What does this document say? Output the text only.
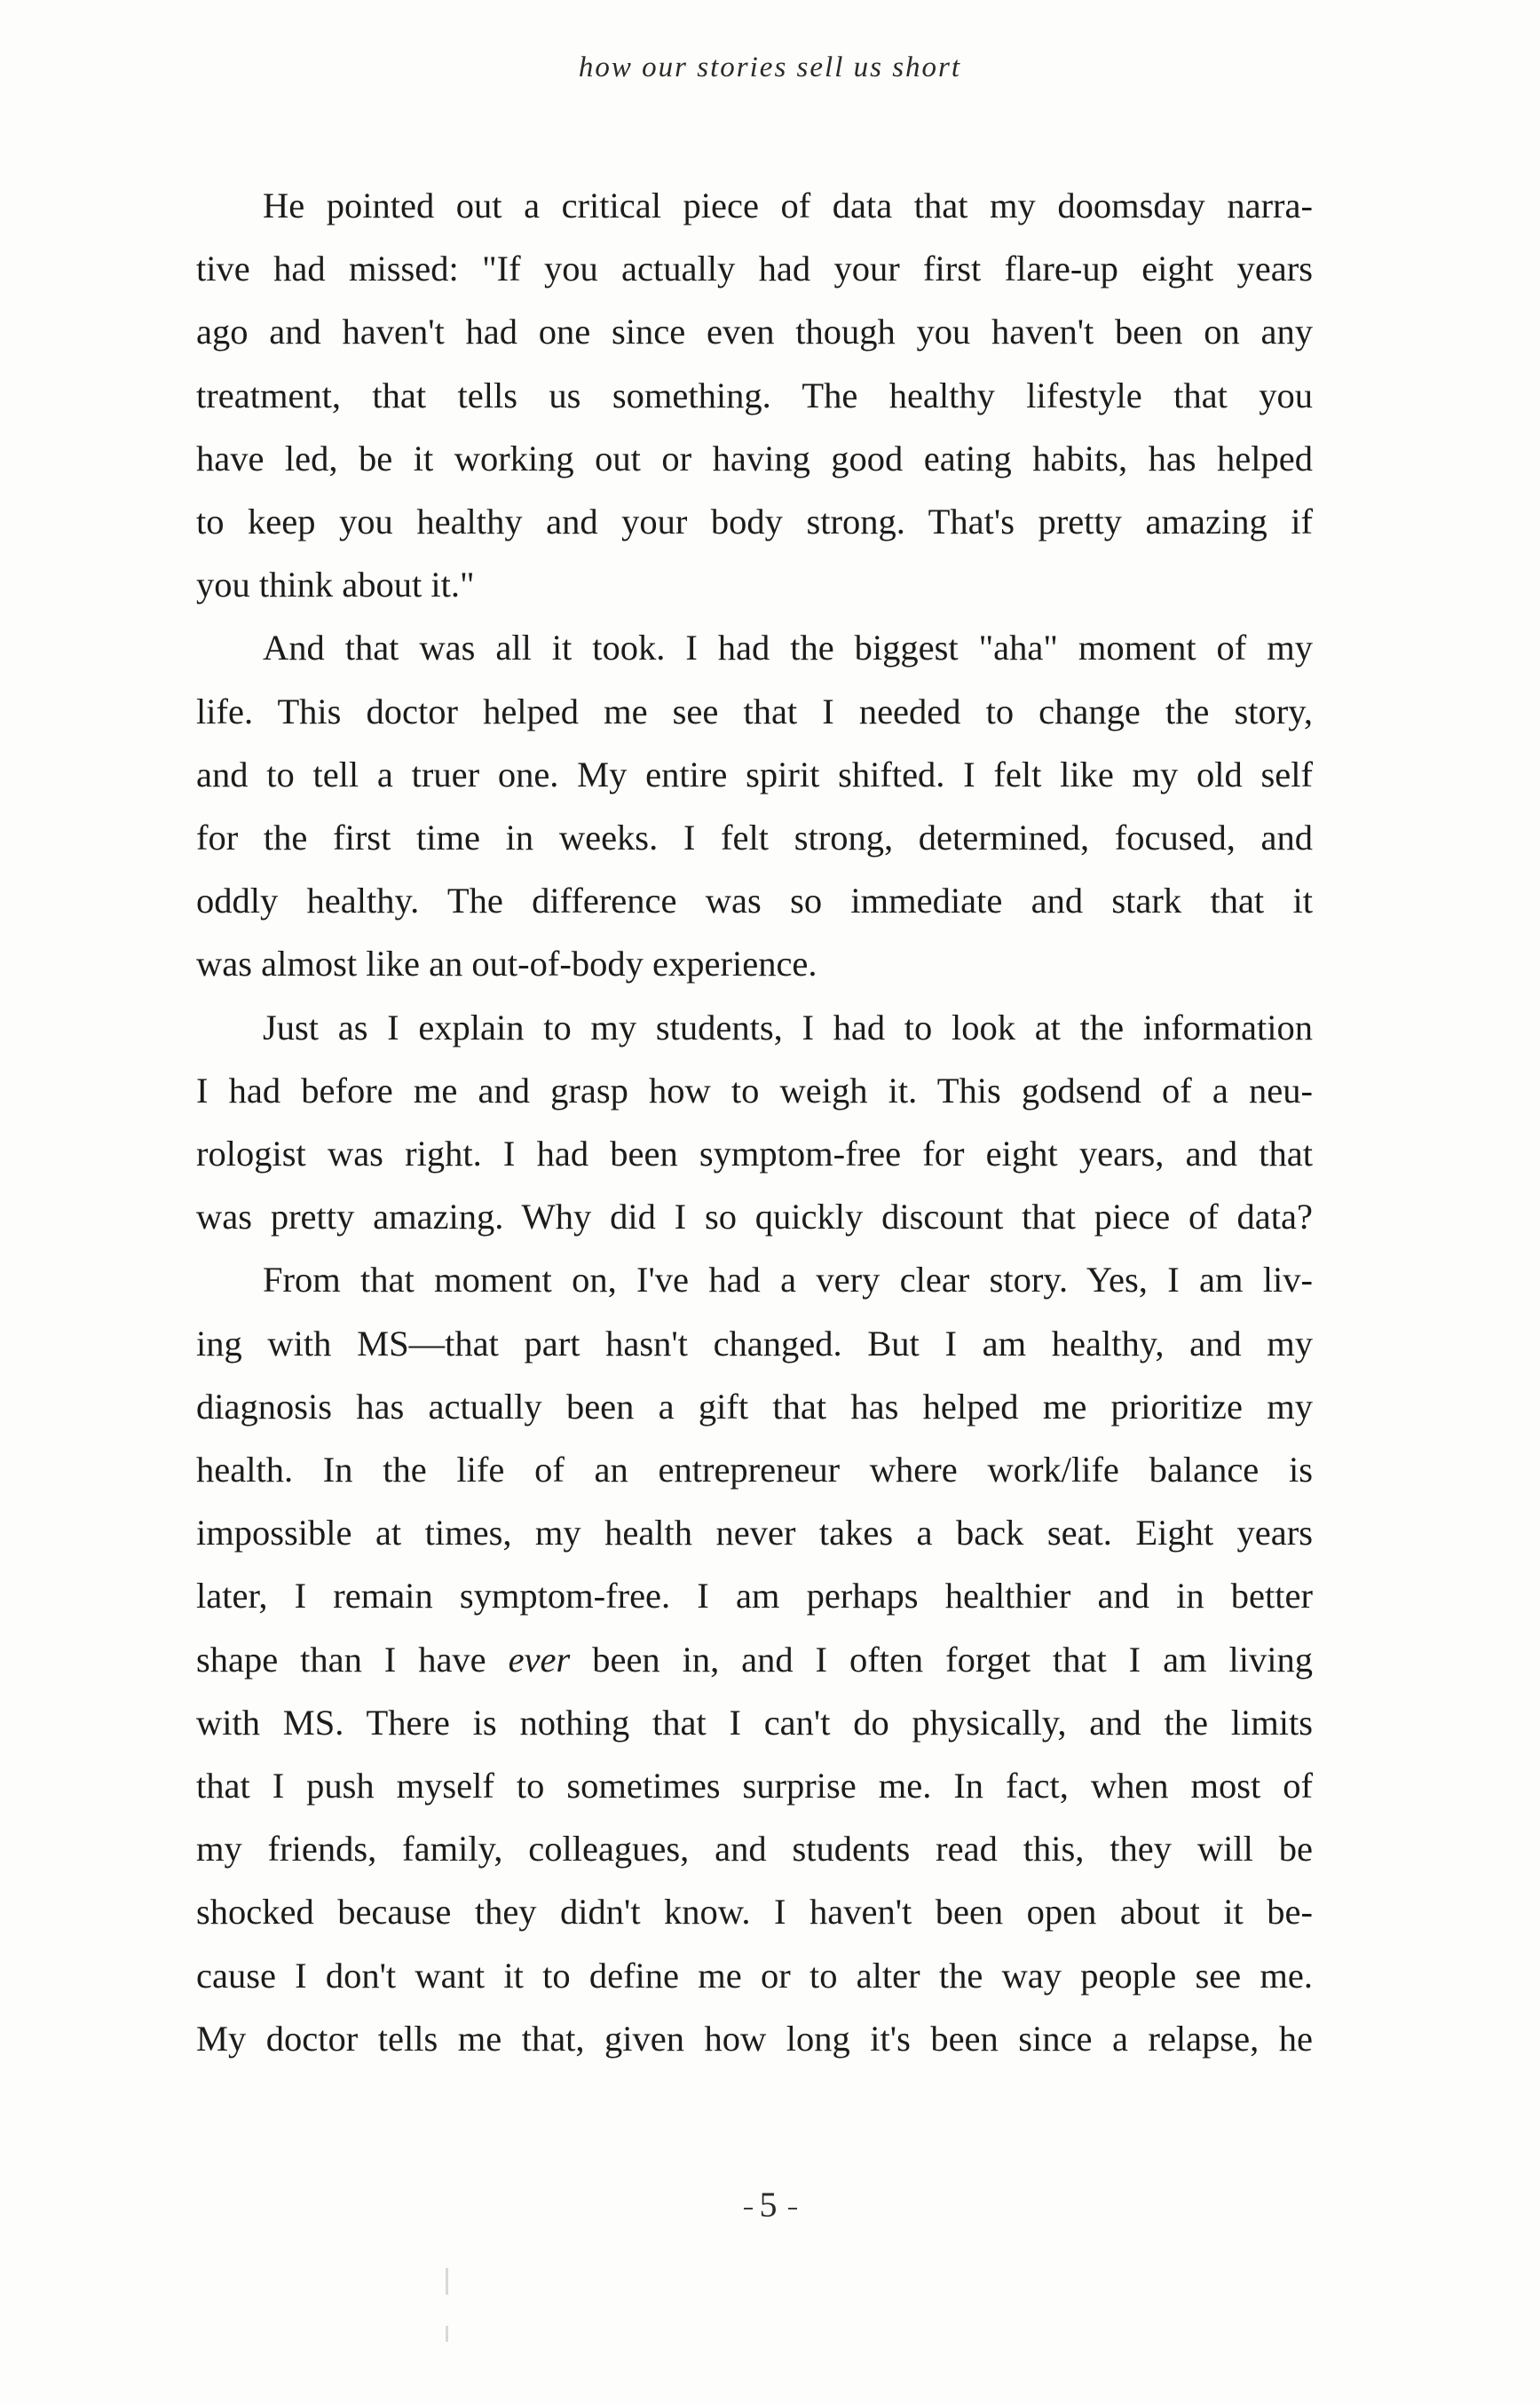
how our stories sell us short
He pointed out a critical piece of data that my doomsday narra-
tive had missed: "If you actually had your first flare-up eight years
ago and haven't had one since even though you haven't been on any
treatment, that tells us something. The healthy lifestyle that you
have led, be it working out or having good eating habits, has helped
to keep you healthy and your body strong. That's pretty amazing if
you think about it."
And that was all it took. I had the biggest "aha" moment of my
life. This doctor helped me see that I needed to change the story,
and to tell a truer one. My entire spirit shifted. I felt like my old self
for the first time in weeks. I felt strong, determined, focused, and
oddly healthy. The difference was so immediate and stark that it
was almost like an out-of-body experience.
Just as I explain to my students, I had to look at the information
I had before me and grasp how to weigh it. This godsend of a neu-
rologist was right. I had been symptom-free for eight years, and that
was pretty amazing. Why did I so quickly discount that piece of data?
From that moment on, I've had a very clear story. Yes, I am liv-
ing with MS—that part hasn't changed. But I am healthy, and my
diagnosis has actually been a gift that has helped me prioritize my
health. In the life of an entrepreneur where work/life balance is
impossible at times, my health never takes a back seat. Eight years
later, I remain symptom-free. I am perhaps healthier and in better
shape than I have ever been in, and I often forget that I am living
with MS. There is nothing that I can't do physically, and the limits
that I push myself to sometimes surprise me. In fact, when most of
my friends, family, colleagues, and students read this, they will be
shocked because they didn't know. I haven't been open about it be-
cause I don't want it to define me or to alter the way people see me.
My doctor tells me that, given how long it's been since a relapse, he
5
